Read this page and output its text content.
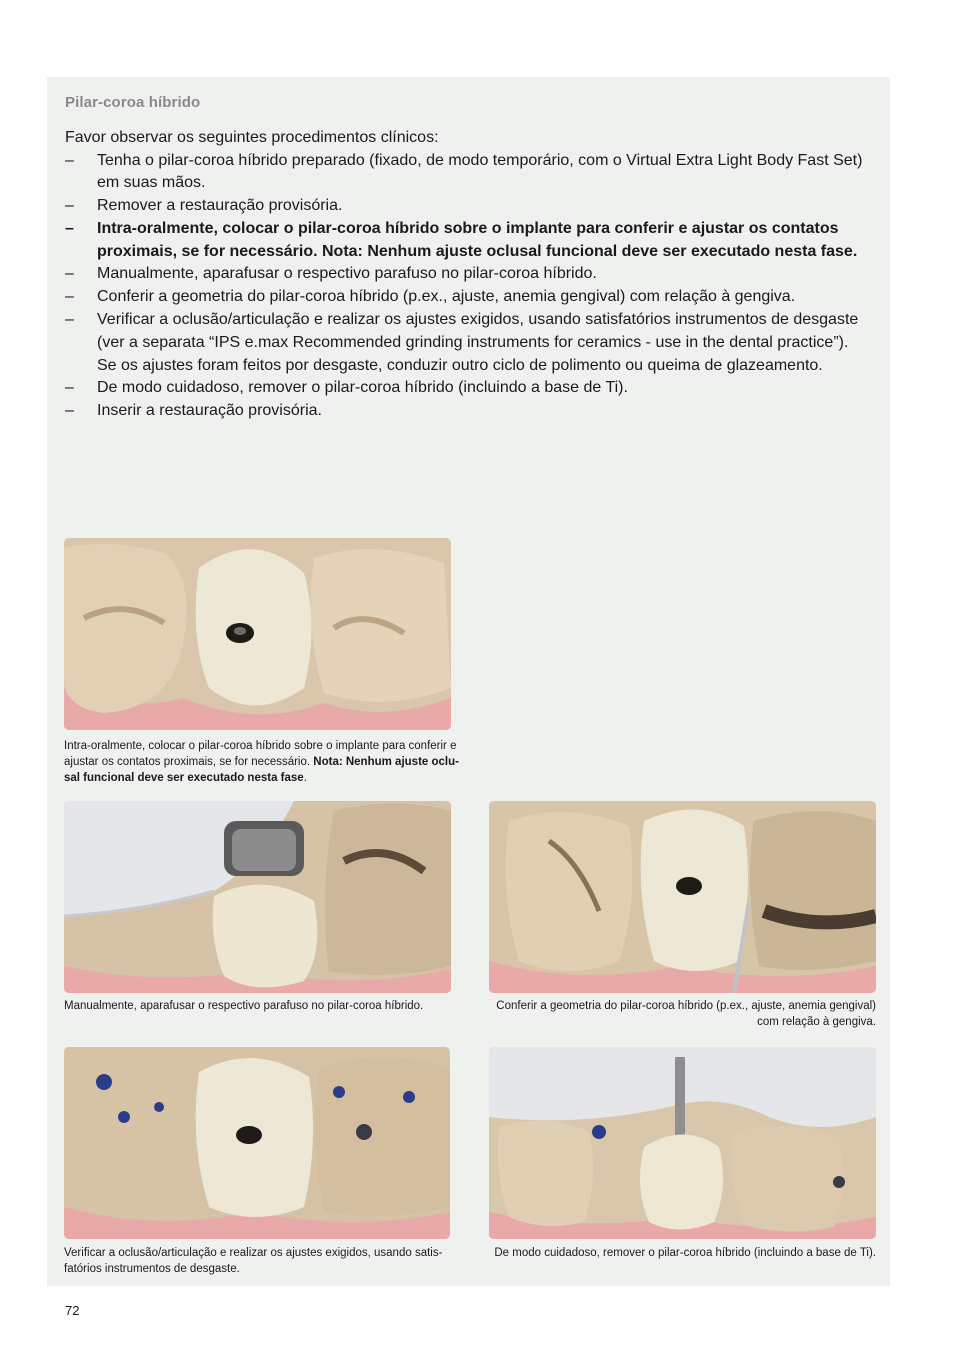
Pilar-coroa híbrido
Favor observar os seguintes procedimentos clínicos:
– Tenha o pilar-coroa híbrido preparado (fixado, de modo temporário, com o Virtual Extra Light Body Fast Set) em suas mãos.
– Remover a restauração provisória.
– Intra-oralmente, colocar o pilar-coroa híbrido sobre o implante para conferir e ajustar os contatos proximais, se for necessário. Nota: Nenhum ajuste oclusal funcional deve ser executado nesta fase.
– Manualmente, aparafusar o respectivo parafuso no pilar-coroa híbrido.
– Conferir a geometria do pilar-coroa híbrido (p.ex., ajuste, anemia gengival) com relação à gengiva.
– Verificar a oclusão/articulação e realizar os ajustes exigidos, usando satisfatórios instrumentos de desgaste (ver a separata “IPS e.max Recommended grinding instruments for ceramics - use in the dental practice”). Se os ajustes foram feitos por desgaste, conduzir outro ciclo de polimento ou queima de glazeamento.
– De modo cuidadoso, remover o pilar-coroa híbrido (incluindo a base de Ti).
– Inserir a restauração provisória.
Intra-oralmente, colocar o pilar-coroa híbrido sobre o implante para conferir e ajustar os contatos proximais, se for necessário. Nota: Nenhum ajuste oclusal funcional deve ser executado nesta fase.
Manualmente, aparafusar o respectivo parafuso no pilar-coroa híbrido.	Conferir a geometria do pilar-coroa híbrido (p.ex., ajuste, anemia gengival) com relação à gengiva.
Verificar a oclusão/articulação e realizar os ajustes exigidos, usando satisfatórios instrumentos de desgaste.
De modo cuidadoso, remover o pilar-coroa híbrido (incluindo a base de Ti).
72
